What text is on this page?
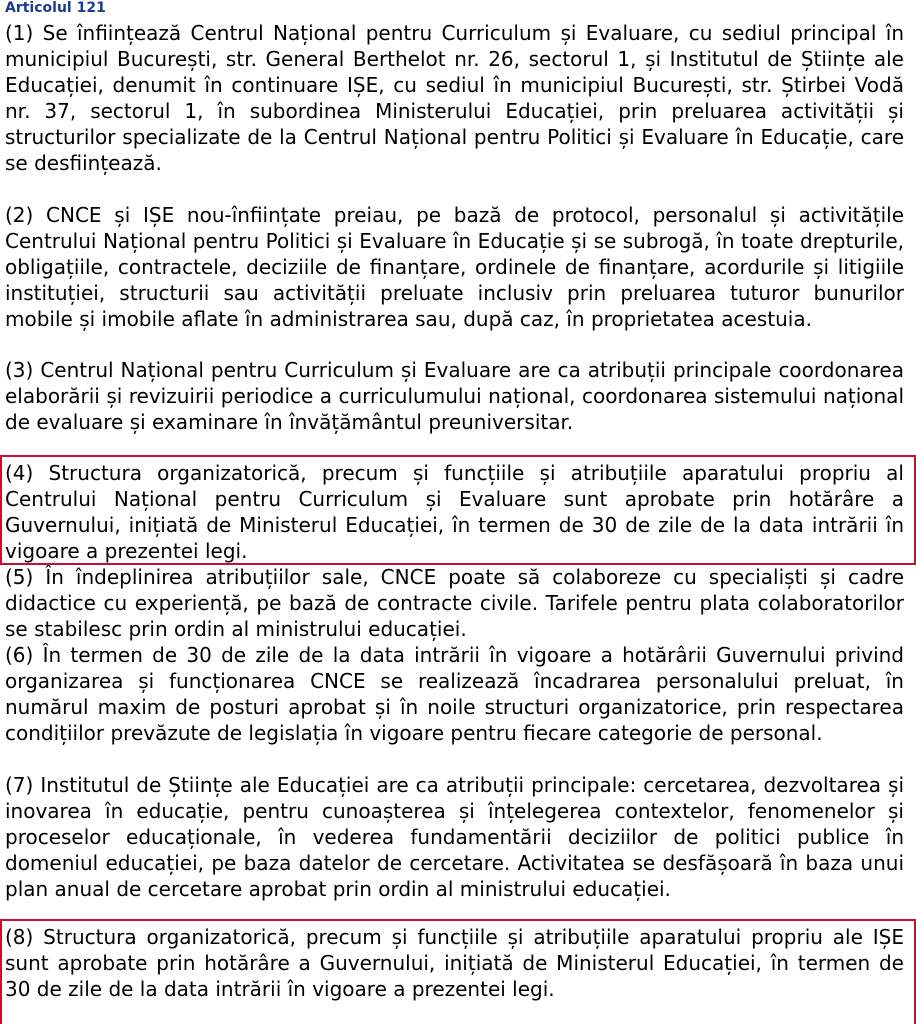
Articolul 121

(1) Se înființează Centrul Național pentru Curriculum și Evaluare, cu sediul principal în municipiul București, str. General Berthelot nr. 26, sectorul 1, și Institutul de Științe ale Educației, denumit în continuare IȘE, cu sediul în municipiul București, str. Știrbei Vodă nr. 37, sectorul 1, în subordinea Ministerului Educației, prin preluarea activității și structurilor specializate de la Centrul Național pentru Politici și Evaluare în Educație, care se desființează.

(2) CNCE și IȘE nou-înființate preiau, pe bază de protocol, personalul și activitățile Centrului Național pentru Politici și Evaluare în Educație și se subrogă, în toate drepturile, obligațiile, contractele, deciziile de finanțare, ordinele de finanțare, acordurile și litigiile instituției, structurii sau activității preluate inclusiv prin preluarea tuturor bunurilor mobile și imobile aflate în administrarea sau, după caz, în proprietatea acestuia.

(3) Centrul Național pentru Curriculum și Evaluare are ca atribuții principale coordonarea elaborării și revizuirii periodice a curriculumului național, coordonarea sistemului național de evaluare și examinare în învățământul preuniversitar.

(4) Structura organizatorică, precum și funcțiile și atribuțiile aparatului propriu al Centrului Național pentru Curriculum și Evaluare sunt aprobate prin hotărâre a Guvernului, inițiată de Ministerul Educației, în termen de 30 de zile de la data intrării în vigoare a prezentei legi.

(5) În îndeplinirea atribuțiilor sale, CNCE poate să colaboreze cu specialiști și cadre didactice cu experiență, pe bază de contracte civile. Tarifele pentru plata colaboratorilor se stabilesc prin ordin al ministrului educației.

(6) În termen de 30 de zile de la data intrării în vigoare a hotărârii Guvernului privind organizarea și funcționarea CNCE se realizează încadrarea personalului preluat, în numărul maxim de posturi aprobat și în noile structuri organizatorice, prin respectarea condițiilor prevăzute de legislația în vigoare pentru fiecare categorie de personal.

(7) Institutul de Științe ale Educației are ca atribuții principale: cercetarea, dezvoltarea și inovarea în educație, pentru cunoașterea și înțelegerea contextelor, fenomenelor și proceselor educaționale, în vederea fundamentării deciziilor de politici publice în domeniul educației, pe baza datelor de cercetare. Activitatea se desfășoară în baza unui plan anual de cercetare aprobat prin ordin al ministrului educației.

(8) Structura organizatorică, precum și funcțiile și atribuțiile aparatului propriu ale IȘE sunt aprobate prin hotărâre a Guvernului, inițiată de Ministerul Educației, în termen de 30 de zile de la data intrării în vigoare a prezentei legi.
